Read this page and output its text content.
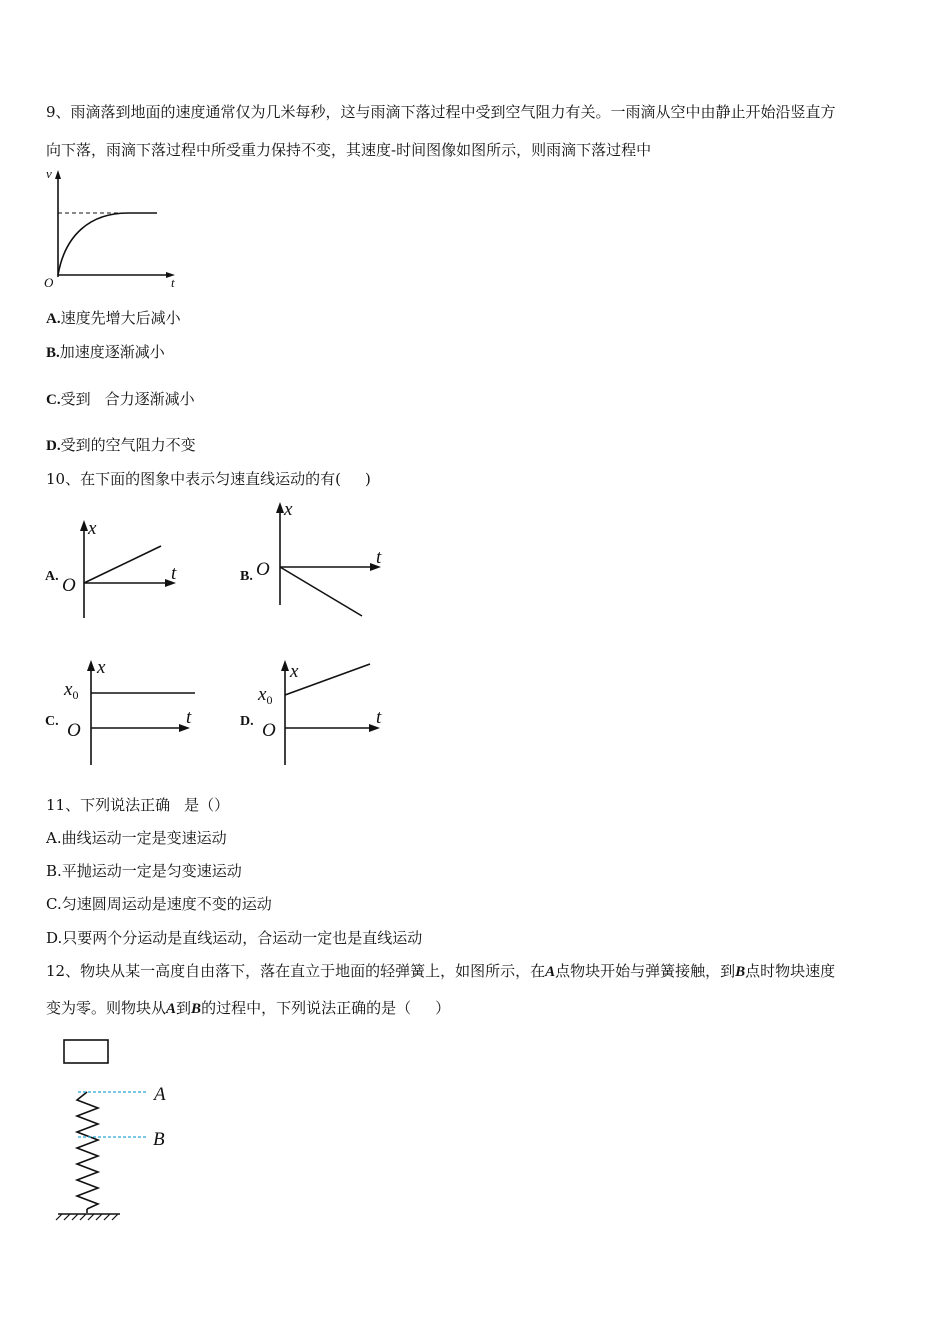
9、雨滴落到地面的速度通常仅为几米每秒，这与雨滴下落过程中受到空气阻力有关。一雨滴从空中由静止开始沿竖直方
向下落，雨滴下落过程中所受重力保持不变，其速度-时间图像如图所示，则雨滴下落过程中
v
t
O
A.速度先增大后减小
B.加速度逐渐减小
C.受到 合力逐渐减小
D.受到的空气阻力不变
10、在下面的图象中表示匀速直线运动的有( )
A.
x
t
O	B.
x
t
O
C.
x
t
O
$x_0$
D.
x
t
O
$x_0$
11、下列说法正确 是（）
A.曲线运动一定是变速运动
B.平抛运动一定是匀变速运动
C.匀速圆周运动是速度不变的运动
D.只要两个分运动是直线运动，合运动一定也是直线运动
12、物块从某一高度自由落下，落在直立于地面的轻弹簧上，如图所示，在A点物块开始与弹簧接触，到B点时物块速度
变为零。则物块从A到B的过程中，下列说法正确的是（ ）
A
B
